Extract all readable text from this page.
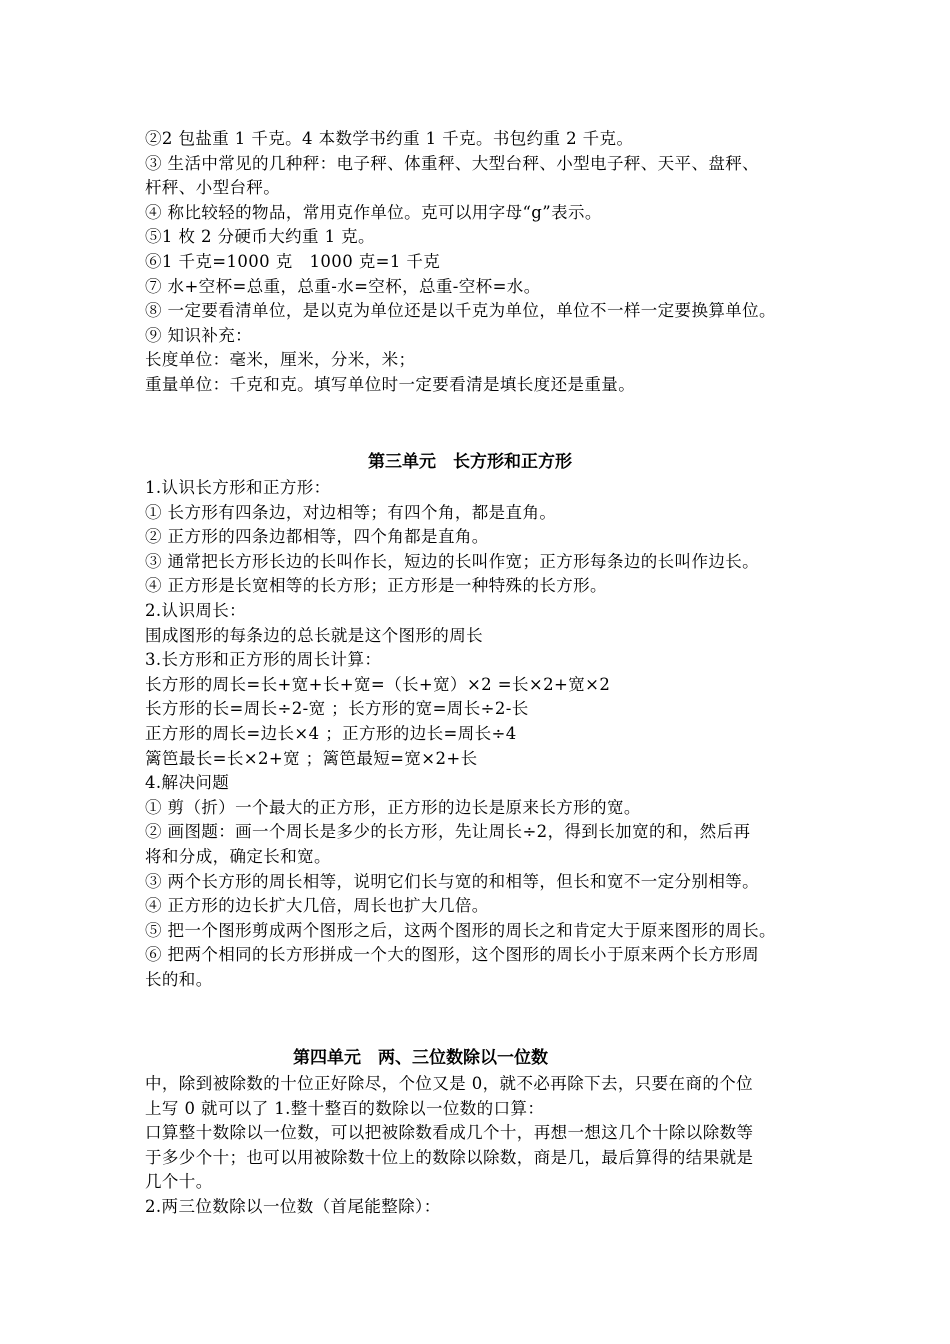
②2 包盐重 1 千克。4 本数学书约重 1 千克。书包约重 2 千克。
③ 生活中常见的几种秤：电子秤、体重秤、大型台秤、小型电子秤、天平、盘秤、
杆秤、小型台秤。
④ 称比较轻的物品，常用克作单位。克可以用字母“g”表示。
⑤1 枚 2 分硬币大约重 1 克。
⑥1 千克=1000 克　1000 克=1 千克
⑦ 水+空杯=总重，总重-水=空杯，总重-空杯=水。
⑧ 一定要看清单位，是以克为单位还是以千克为单位，单位不一样一定要换算单位。
⑨ 知识补充：
长度单位：毫米，厘米，分米，米；
重量单位：千克和克。填写单位时一定要看清是填长度还是重量。
第三单元　长方形和正方形
1.认识长方形和正方形：
① 长方形有四条边，对边相等；有四个角，都是直角。
② 正方形的四条边都相等，四个角都是直角。
③ 通常把长方形长边的长叫作长，短边的长叫作宽；正方形每条边的长叫作边长。
④ 正方形是长宽相等的长方形；正方形是一种特殊的长方形。
2.认识周长：
围成图形的每条边的总长就是这个图形的周长
3.长方形和正方形的周长计算：
长方形的周长=长+宽+长+宽=（长+宽）×2 =长×2+宽×2
长方形的长=周长÷2-宽 ；长方形的宽=周长÷2-长
正方形的周长=边长×4 ；正方形的边长=周长÷4
篱笆最长=长×2+宽 ；篱笆最短=宽×2+长
4.解决问题
① 剪（折）一个最大的正方形，正方形的边长是原来长方形的宽。
② 画图题：画一个周长是多少的长方形，先让周长÷2，得到长加宽的和，然后再
将和分成，确定长和宽。
③ 两个长方形的周长相等，说明它们长与宽的和相等，但长和宽不一定分别相等。
④ 正方形的边长扩大几倍，周长也扩大几倍。
⑤ 把一个图形剪成两个图形之后，这两个图形的周长之和肯定大于原来图形的周长。
⑥ 把两个相同的长方形拼成一个大的图形，这个图形的周长小于原来两个长方形周
长的和。
第四单元　两、三位数除以一位数
中，除到被除数的十位正好除尽，个位又是 0，就不必再除下去，只要在商的个位
上写 0 就可以了 1.整十整百的数除以一位数的口算：
口算整十数除以一位数，可以把被除数看成几个十，再想一想这几个十除以除数等
于多少个十；也可以用被除数十位上的数除以除数，商是几，最后算得的结果就是
几个十。
2.两三位数除以一位数（首尾能整除）：
